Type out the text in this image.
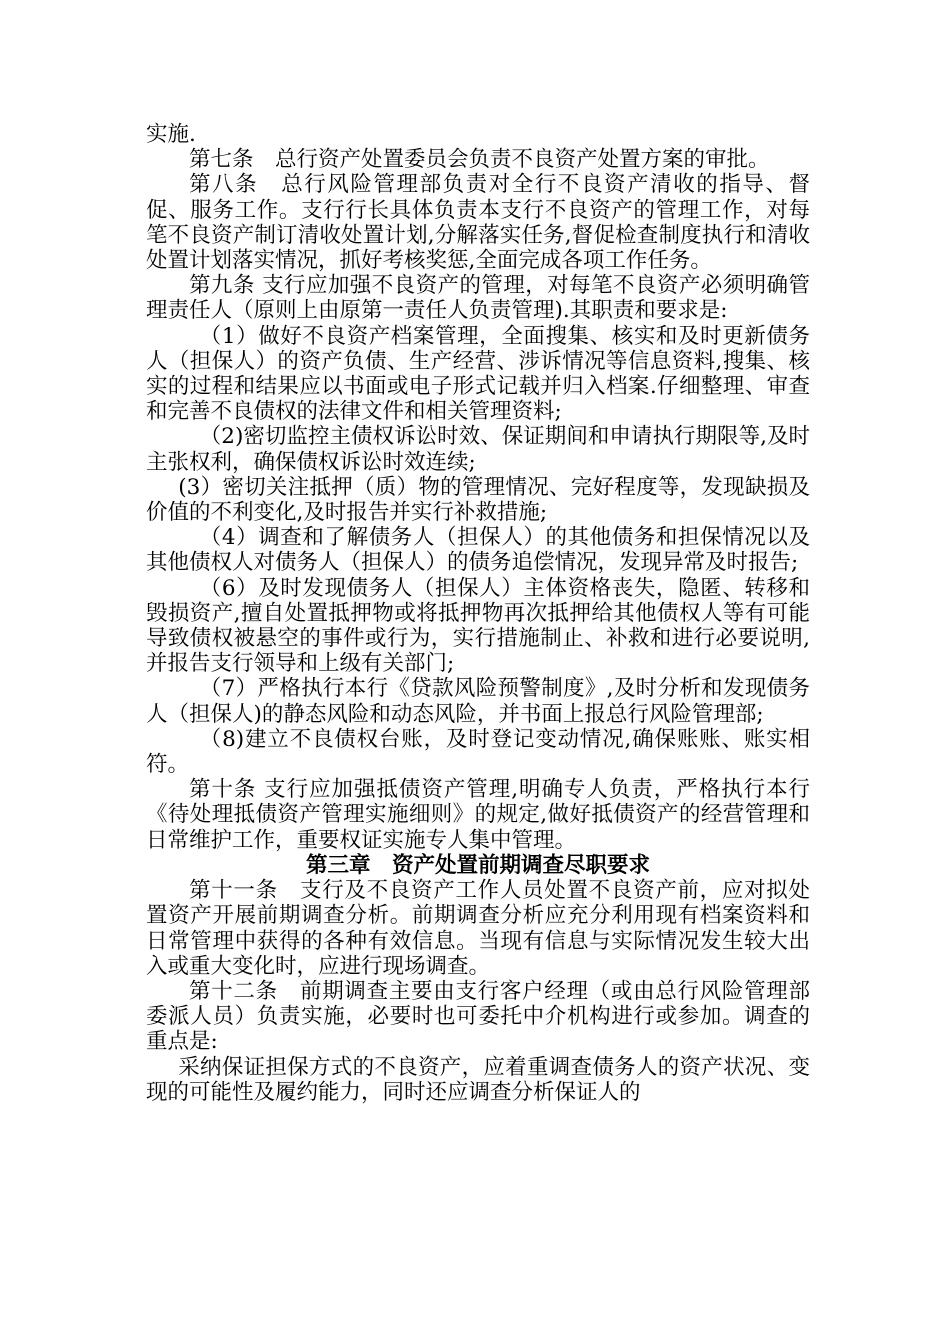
实施.

第七条　总行资产处置委员会负责不良资产处置方案的审批。

第八条　总行风险管理部负责对全行不良资产清收的指导、督促、服务工作。支行行长具体负责本支行不良资产的管理工作，对每笔不良资产制订清收处置计划,分解落实任务,督促检查制度执行和清收处置计划落实情况，抓好考核奖惩,全面完成各项工作任务。

第九条 支行应加强不良资产的管理，对每笔不良资产必须明确管理责任人（原则上由原第一责任人负责管理).其职责和要求是:

（1）做好不良资产档案管理，全面搜集、核实和及时更新债务人（担保人）的资产负债、生产经营、涉诉情况等信息资料,搜集、核实的过程和结果应以书面或电子形式记载并归入档案.仔细整理、审查和完善不良债权的法律文件和相关管理资料;

（2)密切监控主债权诉讼时效、保证期间和申请执行期限等,及时主张权利，确保债权诉讼时效连续;

(3）密切关注抵押（质）物的管理情况、完好程度等，发现缺损及价值的不利变化,及时报告并实行补救措施;

（4）调查和了解债务人（担保人）的其他债务和担保情况以及其他债权人对债务人（担保人）的债务追偿情况，发现异常及时报告;

（6）及时发现债务人（担保人）主体资格丧失，隐匿、转移和毁损资产,擅自处置抵押物或将抵押物再次抵押给其他债权人等有可能导致债权被悬空的事件或行为，实行措施制止、补救和进行必要说明,并报告支行领导和上级有关部门;

（7）严格执行本行《贷款风险预警制度》,及时分析和发现债务人（担保人)的静态风险和动态风险，并书面上报总行风险管理部;

（8)建立不良债权台账，及时登记变动情况,确保账账、账实相符。

第十条 支行应加强抵债资产管理,明确专人负责，严格执行本行《待处理抵债资产管理实施细则》的规定,做好抵债资产的经营管理和日常维护工作，重要权证实施专人集中管理。

第三章　资产处置前期调查尽职要求

第十一条　支行及不良资产工作人员处置不良资产前，应对拟处置资产开展前期调查分析。前期调查分析应充分利用现有档案资料和日常管理中获得的各种有效信息。当现有信息与实际情况发生较大出入或重大变化时，应进行现场调查。

第十二条　前期调查主要由支行客户经理（或由总行风险管理部委派人员）负责实施，必要时也可委托中介机构进行或参加。调查的重点是:

采纳保证担保方式的不良资产，应着重调查债务人的资产状况、变现的可能性及履约能力，同时还应调查分析保证人的
